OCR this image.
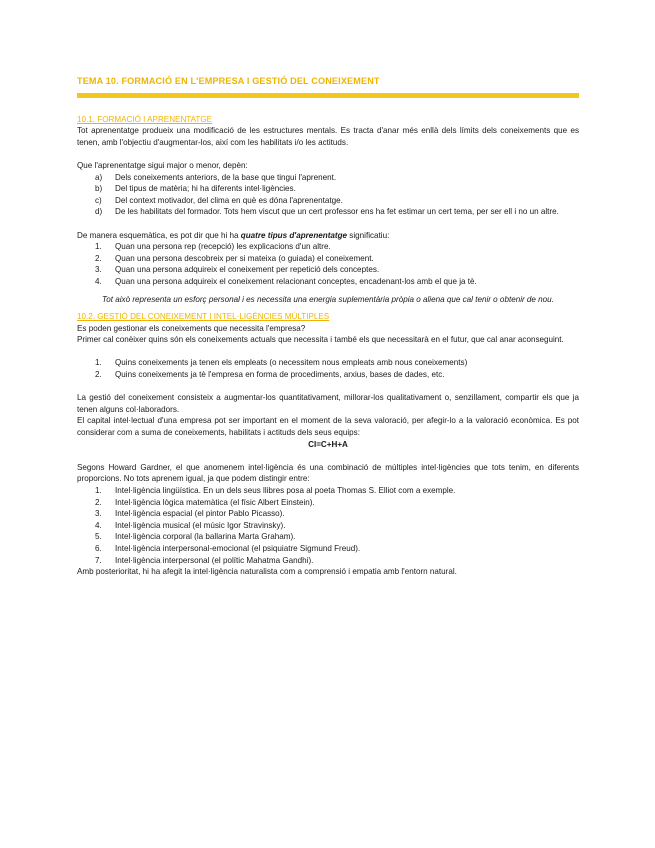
TEMA 10. FORMACIÓ EN L'EMPRESA I GESTIÓ DEL CONEIXEMENT
10.1. FORMACIÓ I APRENENTATGE

Tot aprenentatge produeix una modificació de les estructures mentals. Es tracta d'anar més enllà dels límits dels coneixements que es tenen, amb l'objectiu d'augmentar-los, així com les habilitats i/o les actituds.

Que l'aprenentatge sigui major o menor, depèn:

a) Dels coneixements anteriors, de la base que tingui l'aprenent.
b) Del tipus de matèria; hi ha diferents intel·ligències.
c) Del context motivador, del clima en què es dóna l'aprenentatge.
d) De les habilitats del formador. Tots hem viscut que un cert professor ens ha fet estimar un cert tema, per ser ell i no un altre.

De manera esquemàtica, es pot dir que hi ha quatre tipus d'aprenentatge significatiu:

1. Quan una persona rep (recepció) les explicacions d'un altre.
2. Quan una persona descobreix per si mateixa (o guiada) el coneixement.
3. Quan una persona adquireix el coneixement per repetició dels conceptes.
4. Quan una persona adquireix el coneixement relacionant conceptes, encadenant-los amb el que ja tè.

Tot això representa un esforç personal i es necessita una energia suplementària pròpia o aliena que cal tenir o obtenir de nou.

10.2. GESTIÓ DEL CONEIXEMENT I INTEL·LIGÈNCIES MÚLTIPLES

Es poden gestionar els coneixements que necessita l'empresa?

Primer cal conèixer quins són els coneixements actuals que necessita i també els que necessitarà en el futur, que cal anar aconseguint.

1. Quins coneixements ja tenen els empleats (o necessitem nous empleats amb nous coneixements)
2. Quins coneixements ja tè l'empresa en forma de procediments, arxius, bases de dades, etc.

La gestió del coneixement consisteix a augmentar-los quantitativament, millorar-los qualitativament o, senzillament, compartir els que ja tenen alguns col·laboradors.

El capital intel·lectual d'una empresa pot ser important en el moment de la seva valoració, per afegir-lo a la valoració econòmica. Es pot considerar com a suma de coneixements, habilitats i actituds dels seus equips:

CI=C+H+A

Segons Howard Gardner, el que anomenem intel·ligència és una combinació de múltiples intel·ligències que tots tenim, en diferents proporcions. No tots aprenem igual, ja que podem distingir entre:

1. Intel·ligència lingüística. En un dels seus llibres posa al poeta Thomas S. Elliot com a exemple.
2. Intel·ligència lògica matemàtica (el físic Albert Einstein).
3. Intel·ligència espacial (el pintor Pablo Picasso).
4. Intel·ligència musical (el músic Igor Stravinsky).
5. Intel·ligència corporal (la ballarina Marta Graham).
6. Intel·ligència interpersonal-emocional (el psiquiatre Sigmund Freud).
7. Intel·ligència interpersonal (el polític Mahatma Gandhi).

Amb posterioritat, hi ha afegit la intel·ligència naturalista com a comprensió i empatia amb l'entorn natural.
